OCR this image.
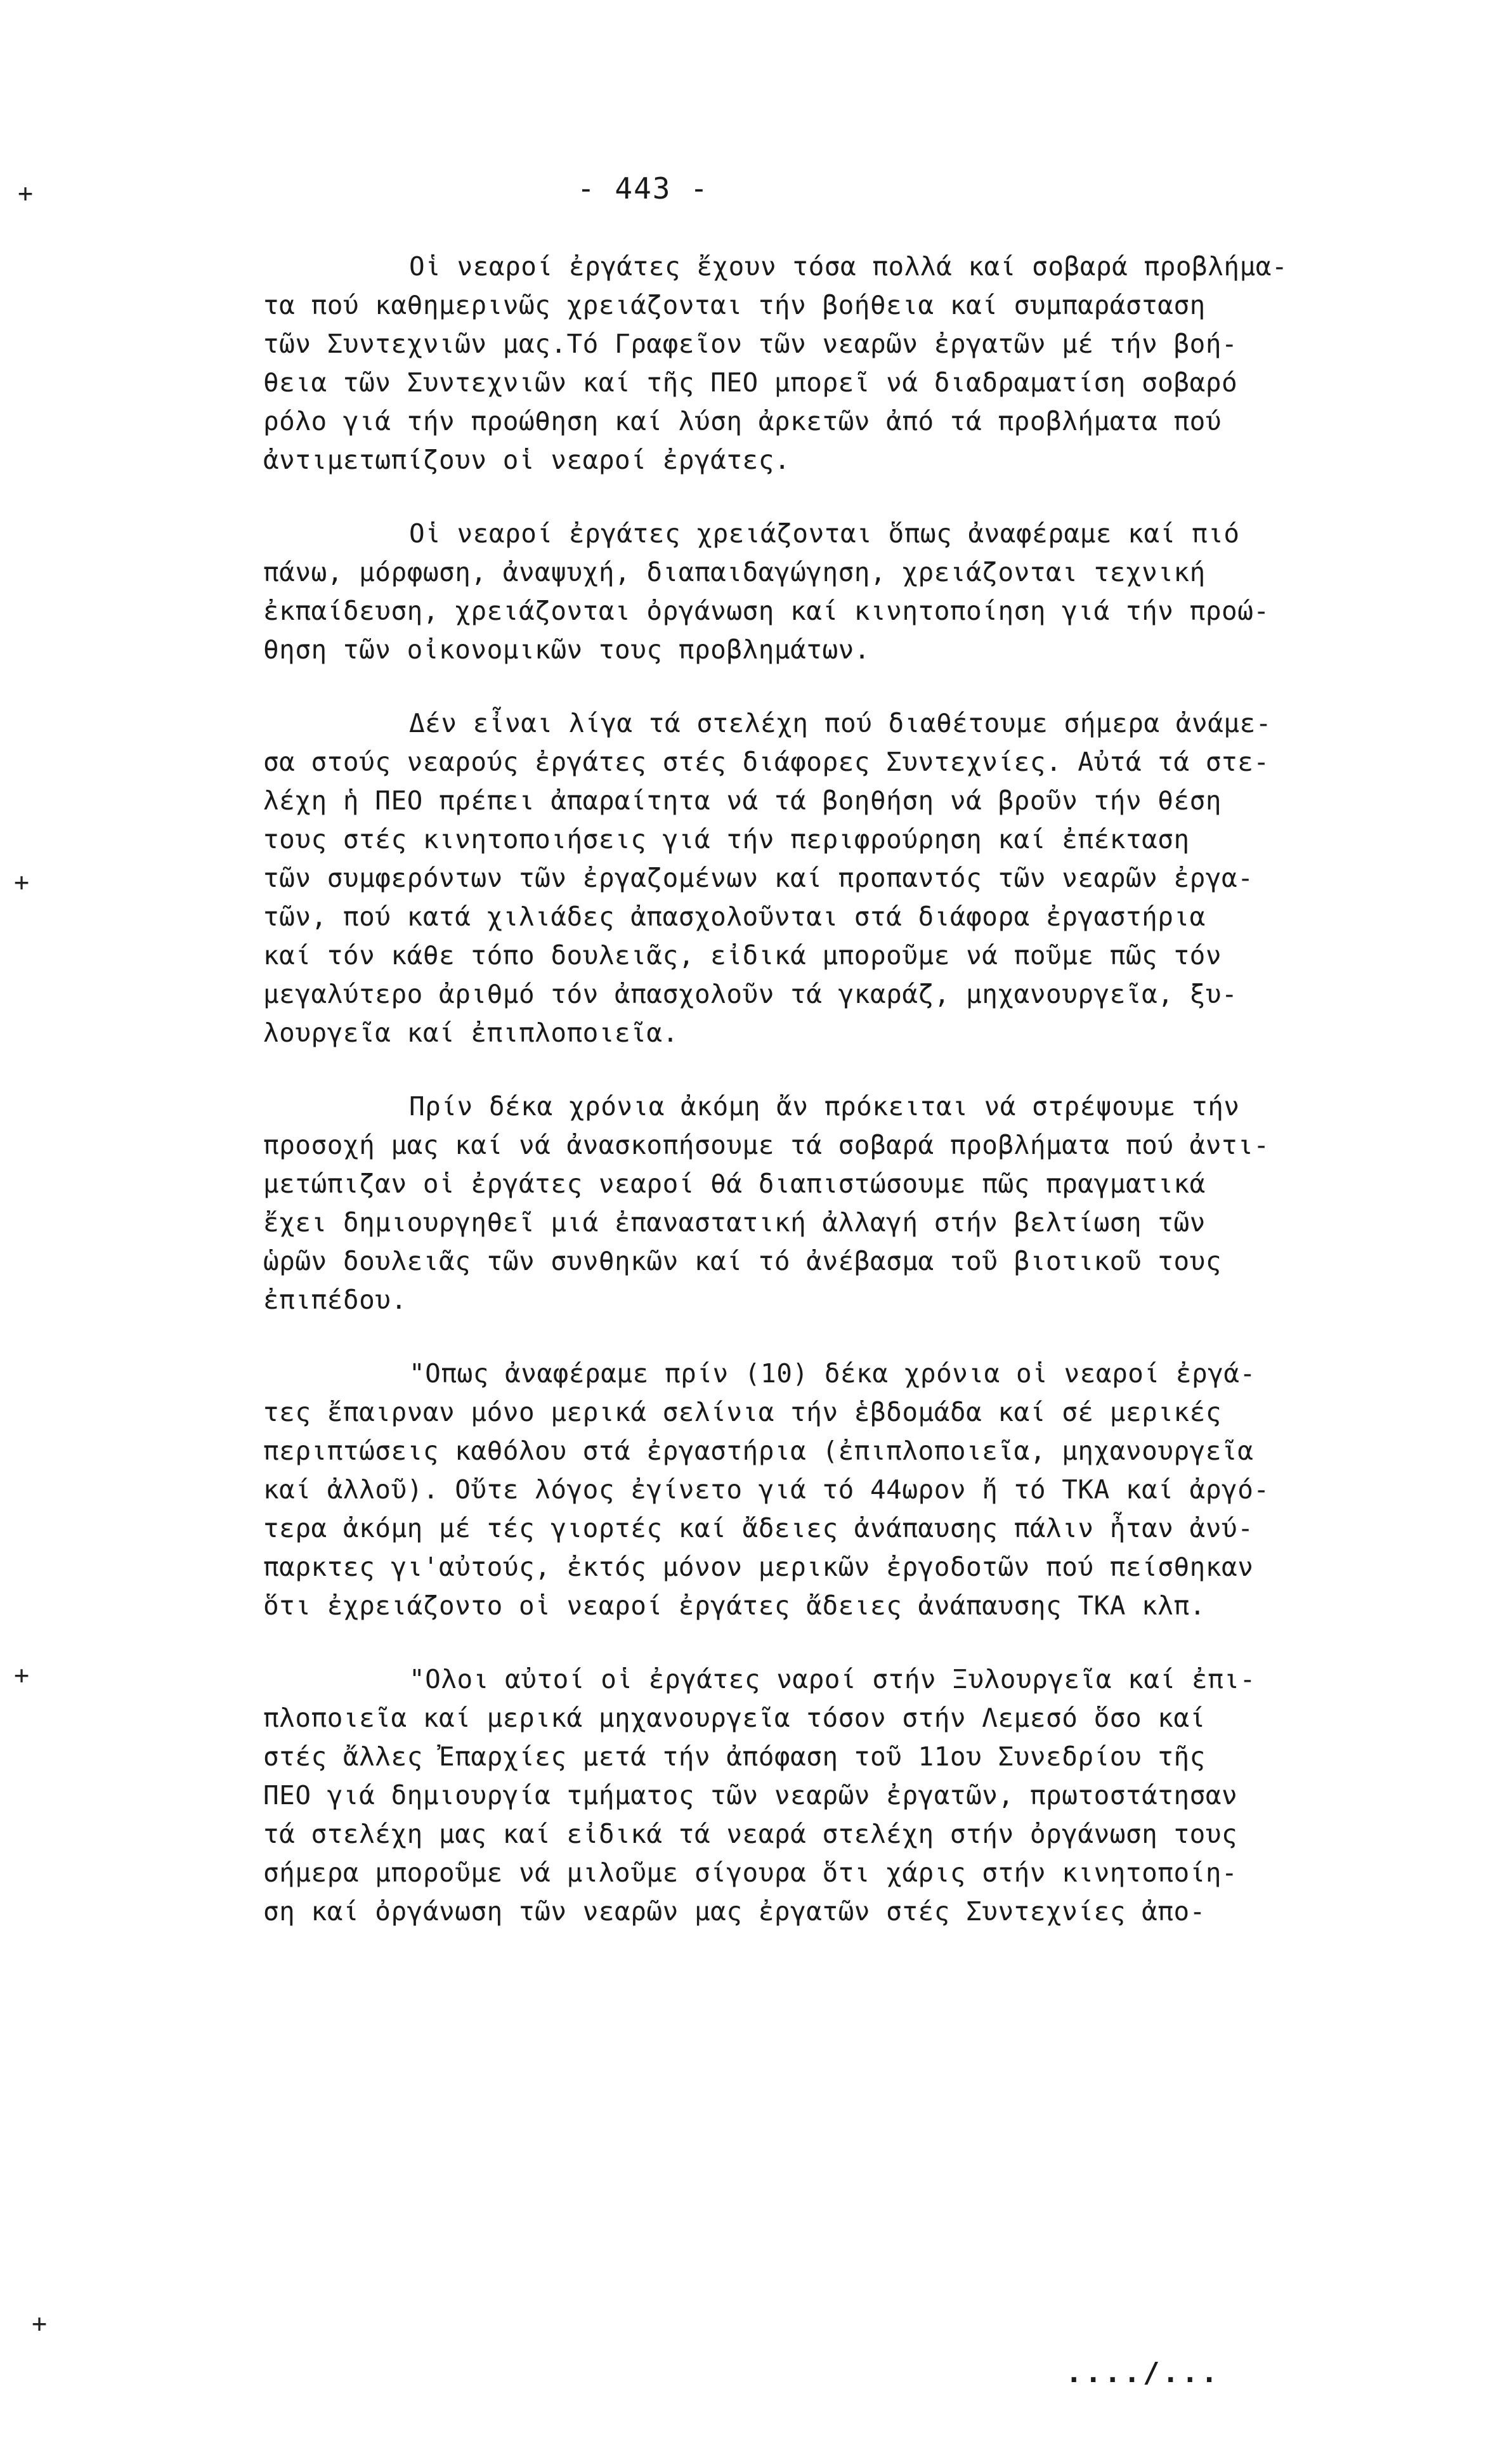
- 443 -
+
+
+
+
Οἱ νεαροί ἐργάτες ἔχουν τόσα πολλά καί σοβαρά προβλήμα-
τα πού καθημερινῶς χρειάζονται τήν βοήθεια καί συμπαράσταση
τῶν Συντεχνιῶν μας.Τό Γραφεῖον τῶν νεαρῶν ἐργατῶν μέ τήν βοή-
θεια τῶν Συντεχνιῶν καί τῆς ΠΕΟ μπορεῖ νά διαδραματίση σοβαρό
ρόλο γιά τήν προώθηση καί λύση ἀρκετῶν ἀπό τά προβλήματα πού
ἀντιμετωπίζουν οἱ νεαροί ἐργάτες.
Οἱ νεαροί ἐργάτες χρειάζονται ὅπως ἀναφέραμε καί πιό
πάνω, μόρφωση, ἀναψυχή, διαπαιδαγώγηση, χρειάζονται τεχνική
ἐκπαίδευση, χρειάζονται ὀργάνωση καί κινητοποίηση γιά τήν προώ-
θηση τῶν οἰκονομικῶν τους προβλημάτων.
Δέν εἶναι λίγα τά στελέχη πού διαθέτουμε σήμερα ἀνάμε-
σα στούς νεαρούς ἐργάτες στές διάφορες Συντεχνίες. Αὐτά τά στε-
λέχη ἡ ΠΕΟ πρέπει ἀπαραίτητα νά τά βοηθήση νά βροῦν τήν θέση
τους στές κινητοποιήσεις γιά τήν περιφρούρηση καί ἐπέκταση
τῶν συμφερόντων τῶν ἐργαζομένων καί προπαντός τῶν νεαρῶν ἐργα-
τῶν, πού κατά χιλιάδες ἀπασχολοῦνται στά διάφορα ἐργαστήρια
καί τόν κάθε τόπο δουλειᾶς, εἰδικά μποροῦμε νά ποῦμε πῶς τόν
μεγαλύτερο ἀριθμό τόν ἀπασχολοῦν τά γκαράζ, μηχανουργεῖα, ξυ-
λουργεῖα καί ἐπιπλοποιεῖα.
Πρίν δέκα χρόνια ἀκόμη ἄν πρόκειται νά στρέψουμε τήν
προσοχή μας καί νά ἀνασκοπήσουμε τά σοβαρά προβλήματα πού ἀντι-
μετώπιζαν οἱ ἐργάτες νεαροί θά διαπιστώσουμε πῶς πραγματικά
ἔχει δημιουργηθεῖ μιά ἐπαναστατική ἀλλαγή στήν βελτίωση τῶν
ὡρῶν δουλειᾶς τῶν συνθηκῶν καί τό ἀνέβασμα τοῦ βιοτικοῦ τους
ἐπιπέδου.
"Οπως ἀναφέραμε πρίν (10) δέκα χρόνια οἱ νεαροί ἐργά-
τες ἔπαιρναν μόνο μερικά σελίνια τήν ἑβδομάδα καί σέ μερικές
περιπτώσεις καθόλου στά ἐργαστήρια (ἐπιπλοποιεῖα, μηχανουργεῖα
καί ἀλλοῦ). Οὔτε λόγος ἐγίνετο γιά τό 44ωρον ἤ τό ΤΚΑ καί ἀργό-
τερα ἀκόμη μέ τές γιορτές καί ἄδειες ἀνάπαυσης πάλιν ἦταν ἀνύ-
παρκτες γι'αὐτούς, ἐκτός μόνον μερικῶν ἐργοδοτῶν πού πείσθηκαν
ὅτι ἐχρειάζοντο οἱ νεαροί ἐργάτες ἄδειες ἀνάπαυσης ΤΚΑ κλπ.
"Ολοι αὐτοί οἱ ἐργάτες ναροί στήν Ξυλουργεῖα καί ἐπι-
πλοποιεῖα καί μερικά μηχανουργεῖα τόσον στήν Λεμεσό ὅσο καί
στές ἄλλες Ἐπαρχίες μετά τήν ἀπόφαση τοῦ 11ου Συνεδρίου τῆς
ΠΕΟ γιά δημιουργία τμήματος τῶν νεαρῶν ἐργατῶν, πρωτοστάτησαν
τά στελέχη μας καί εἰδικά τά νεαρά στελέχη στήν ὀργάνωση τους
σήμερα μποροῦμε νά μιλοῦμε σίγουρα ὅτι χάρις στήν κινητοποίη-
ση καί ὀργάνωση τῶν νεαρῶν μας ἐργατῶν στές Συντεχνίες ἀπο-
..../...
